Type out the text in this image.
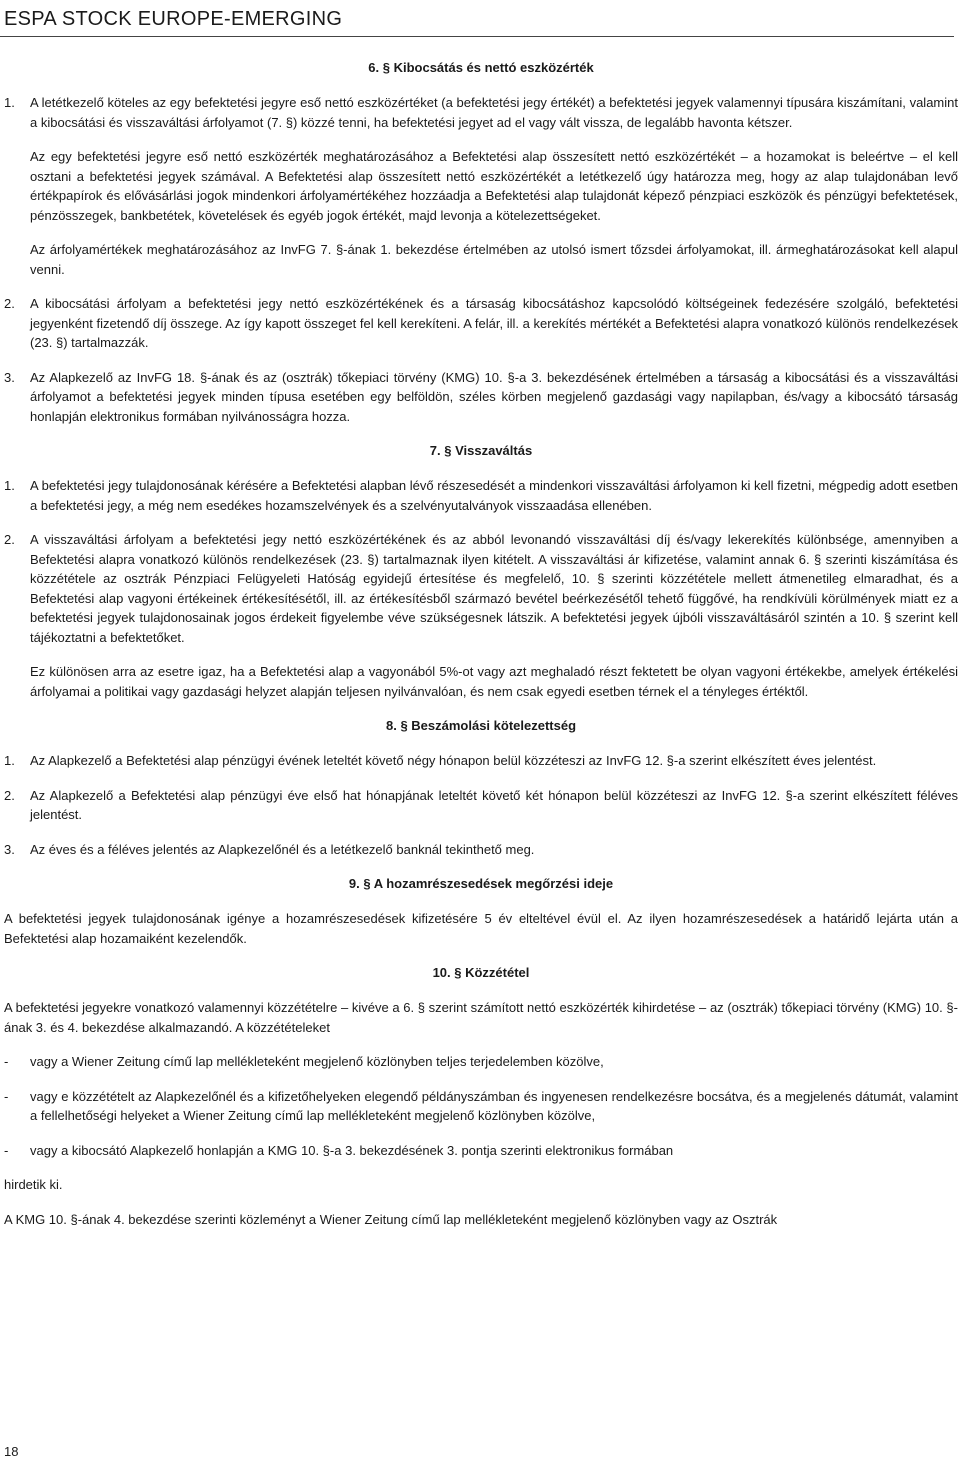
ESPA STOCK EUROPE-EMERGING
6. § Kibocsátás és nettó eszközérték
1.	A letétkezelő köteles az egy befektetési jegyre eső nettó eszközértéket (a befektetési jegy értékét) a befektetési jegyek valamennyi típusára kiszámítani, valamint a kibocsátási és visszaváltási árfolyamot (7. §) közzé tenni, ha befektetési jegyet ad el vagy vált vissza, de legalább havonta kétszer.
Az egy befektetési jegyre eső nettó eszközérték meghatározásához a Befektetési alap összesített nettó eszközértékét – a hozamokat is beleértve – el kell osztani a befektetési jegyek számával. A Befektetési alap összesített nettó eszközértékét a letétkezelő úgy határozza meg, hogy az alap tulajdonában levő értékpapírok és elővásárlási jogok mindenkori árfolyamértékéhez hozzáadja a Befektetési alap tulajdonát képező pénzpiaci eszközök és pénzügyi befektetések, pénzösszegek, bankbetétek, követelések és egyéb jogok értékét, majd levonja a kötelezettségeket.
Az árfolyamértékek meghatározásához az InvFG 7. §-ának 1. bekezdése értelmében az utolsó ismert tőzsdei árfolyamokat, ill. ármeghatározásokat kell alapul venni.
2.	A kibocsátási árfolyam a befektetési jegy nettó eszközértékének és a társaság kibocsátáshoz kapcsolódó költségeinek fedezésére szolgáló, befektetési jegyenként fizetendő díj összege. Az így kapott összeget fel kell kerekíteni. A felár, ill. a kerekítés mértékét a Befektetési alapra vonatkozó különös rendelkezések (23. §) tartalmazzák.
3.	Az Alapkezelő az InvFG 18. §-ának és az (osztrák) tőkepiaci törvény (KMG) 10. §-a 3. bekezdésének értelmében a társaság a kibocsátási és a visszaváltási árfolyamot a befektetési jegyek minden típusa esetében egy belföldön, széles körben megjelenő gazdasági vagy napilapban, és/vagy a kibocsátó társaság honlapján elektronikus formában nyilvánosságra hozza.
7. § Visszaváltás
1.	A befektetési jegy tulajdonosának kérésére a Befektetési alapban lévő részesedését a mindenkori visszaváltási árfolyamon ki kell fizetni, mégpedig adott esetben a befektetési jegy, a még nem esedékes hozamszelvények és a szelvényutalványok visszaadása ellenében.
2.	A visszaváltási árfolyam a befektetési jegy nettó eszközértékének és az abból levonandó visszaváltási díj és/vagy lekerekítés különbsége, amennyiben a Befektetési alapra vonatkozó különös rendelkezések (23. §) tartalmaznak ilyen kitételt. A visszaváltási ár kifizetése, valamint annak 6. § szerinti kiszámítása és közzététele az osztrák Pénzpiaci Felügyeleti Hatóság egyidejű értesítése és megfelelő, 10. § szerinti közzététele mellett átmenetileg elmaradhat, és a Befektetési alap vagyoni értékeinek értékesítésétől, ill. az értékesítésből származó bevétel beérkezésétől tehető függővé, ha rendkívüli körülmények miatt ez a befektetési jegyek tulajdonosainak jogos érdekeit figyelembe véve szükségesnek látszik. A befektetési jegyek újbóli visszaváltásáról szintén a 10. § szerint kell tájékoztatni a befektetőket.
Ez különösen arra az esetre igaz, ha a Befektetési alap a vagyonából 5%-ot vagy azt meghaladó részt fektetett be olyan vagyoni értékekbe, amelyek értékelési árfolyamai a politikai vagy gazdasági helyzet alapján teljesen nyilvánvalóan, és nem csak egyedi esetben térnek el a tényleges értéktől.
8. § Beszámolási kötelezettség
1.	Az Alapkezelő a Befektetési alap pénzügyi évének leteltét követő négy hónapon belül közzéteszi az InvFG 12. §-a szerint elkészített éves jelentést.
2.	Az Alapkezelő a Befektetési alap pénzügyi éve első hat hónapjának leteltét követő két hónapon belül közzéteszi az InvFG 12. §-a szerint elkészített féléves jelentést.
3.	Az éves és a féléves jelentés az Alapkezelőnél és a letétkezelő banknál tekinthető meg.
9. § A hozamrészesedések megőrzési ideje
A befektetési jegyek tulajdonosának igénye a hozamrészesedések kifizetésére 5 év elteltével évül el. Az ilyen hozamrészesedések a határidő lejárta után a Befektetési alap hozamaiként kezelendők.
10. § Közzététel
A befektetési jegyekre vonatkozó valamennyi közzétételre – kivéve a 6. § szerint számított nettó eszközérték kihirdetése – az (osztrák) tőkepiaci törvény (KMG) 10. §-ának 3. és 4. bekezdése alkalmazandó. A közzétételeket
-	vagy a Wiener Zeitung című lap mellékleteként megjelenő közlönyben teljes terjedelemben közölve,
-	vagy e közzétételt az Alapkezelőnél és a kifizetőhelyeken elegendő példányszámban és ingyenesen rendelkezésre bocsátva, és a megjelenés dátumát, valamint a fellelhetőségi helyeket a Wiener Zeitung című lap mellékleteként megjelenő közlönyben közölve,
-	vagy a kibocsátó Alapkezelő honlapján a KMG 10. §-a 3. bekezdésének 3. pontja szerinti elektronikus formában
hirdetik ki.
A KMG 10. §-ának 4. bekezdése szerinti közleményt a Wiener Zeitung című lap mellékleteként megjelenő közlönyben vagy az Osztrák
18
